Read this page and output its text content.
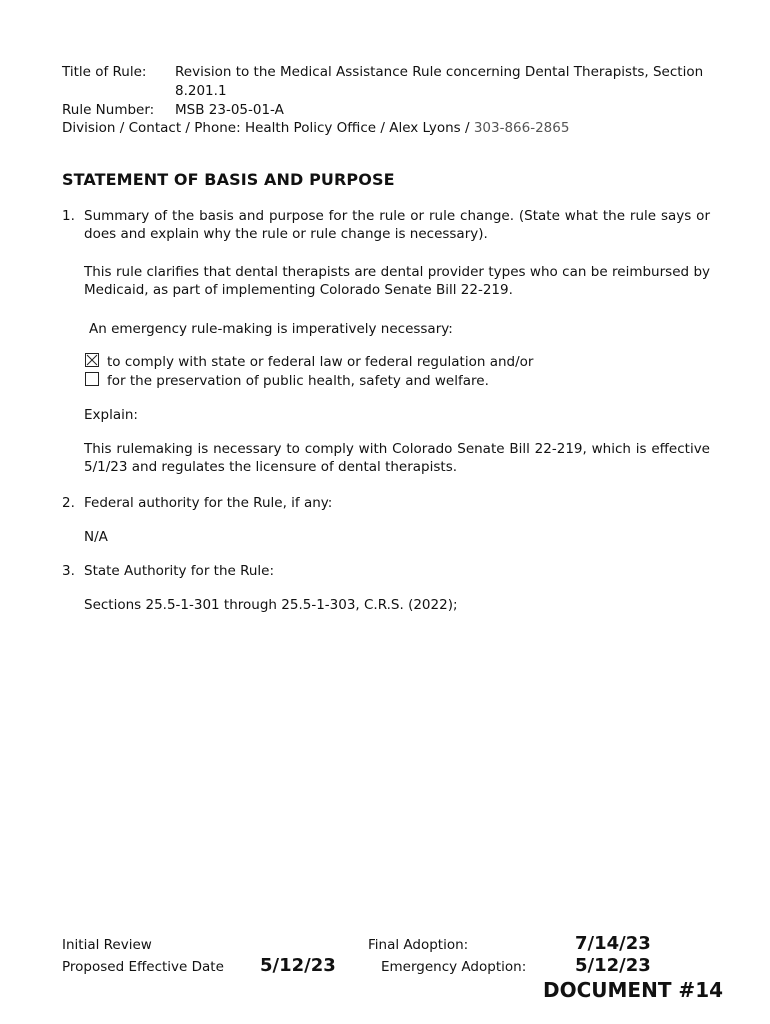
Title of Rule: Revision to the Medical Assistance Rule concerning Dental Therapists, Section
8.201.1
Rule Number: MSB 23-05-01-A
Division / Contact / Phone: Health Policy Office / Alex Lyons / 303-866-2865
STATEMENT OF BASIS AND PURPOSE
1. Summary of the basis and purpose for the rule or rule change. (State what the rule says or does and explain why the rule or rule change is necessary).
This rule clarifies that dental therapists are dental provider types who can be reimbursed by Medicaid, as part of implementing Colorado Senate Bill 22-219.
An emergency rule-making is imperatively necessary:
to comply with state or federal law or federal regulation and/or
for the preservation of public health, safety and welfare.
Explain:
This rulemaking is necessary to comply with Colorado Senate Bill 22-219, which is effective 5/1/23 and regulates the licensure of dental therapists.
2. Federal authority for the Rule, if any:
N/A
3. State Authority for the Rule:
Sections 25.5-1-301 through 25.5-1-303, C.R.S. (2022);
Initial Review
Proposed Effective Date 5/12/23
Final Adoption:	7/14/23
Emergency Adoption:	5/12/23
DOCUMENT #14
